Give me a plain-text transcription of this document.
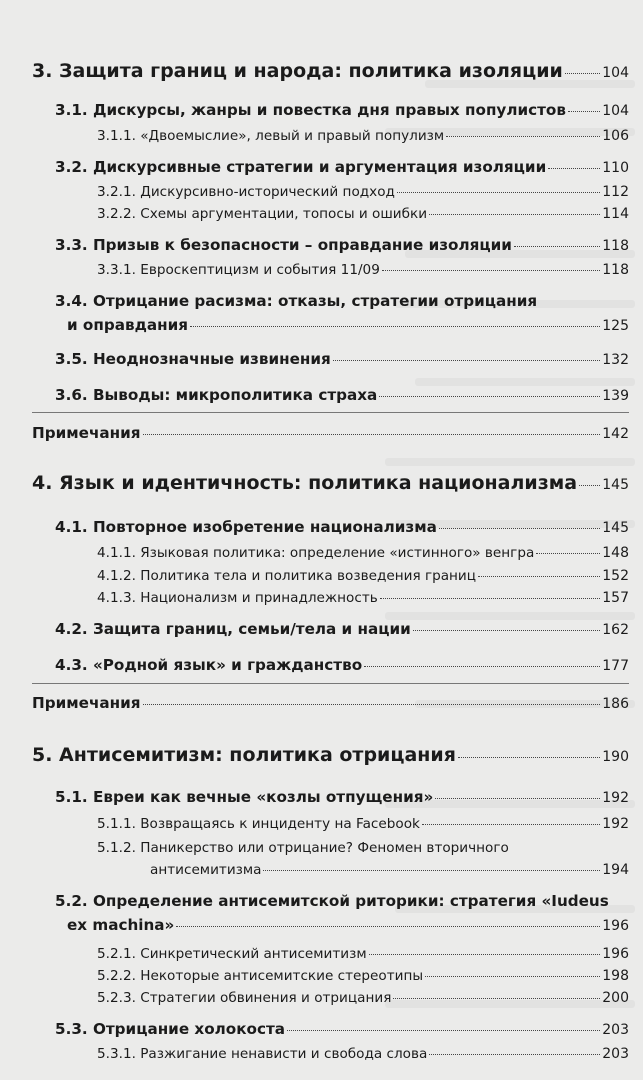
3. Защита границ и народа: политика изоляции	104
3.1. Дискурсы, жанры и повестка дня правых популистов	104
3.1.1. «Двоемыслие», левый и правый популизм	106
3.2. Дискурсивные стратегии и аргументация изоляции	110
3.2.1. Дискурсивно-исторический подход	112
3.2.2. Схемы аргументации, топосы и ошибки	114
3.3. Призыв к безопасности – оправдание изоляции	118
3.3.1. Евроскептицизм и события 11/09	118
3.4. Отрицание расизма: отказы, стратегии отрицания
и оправдания	125
3.5. Неоднозначные извинения	132
3.6. Выводы: микрополитика страха	139
Примечания	142
4. Язык и идентичность: политика национализма 145
4.1. Повторное изобретение национализма	145
4.1.1. Языковая политика: определение «истинного» венгра	148
4.1.2. Политика тела и политика возведения границ	152
4.1.3. Национализм и принадлежность	157
4.2. Защита границ, семьи/тела и нации	162
4.3. «Родной язык» и гражданство	177
Примечания	186
5. Антисемитизм: политика отрицания	190
5.1. Евреи как вечные «козлы отпущения»	192
5.1.1. Возвращаясь к инциденту на Facebook	192
5.1.2. Паникерство или отрицание? Феномен вторичного
антисемитизма	194
5.2. Определение антисемитской риторики: стратегия «Iudeus
ex machina»	196
5.2.1. Синкретический антисемитизм	196
5.2.2. Некоторые антисемитские стереотипы	198
5.2.3. Стратегии обвинения и отрицания	200
5.3. Отрицание холокоста	203
5.3.1. Разжигание ненависти и свобода слова	203
